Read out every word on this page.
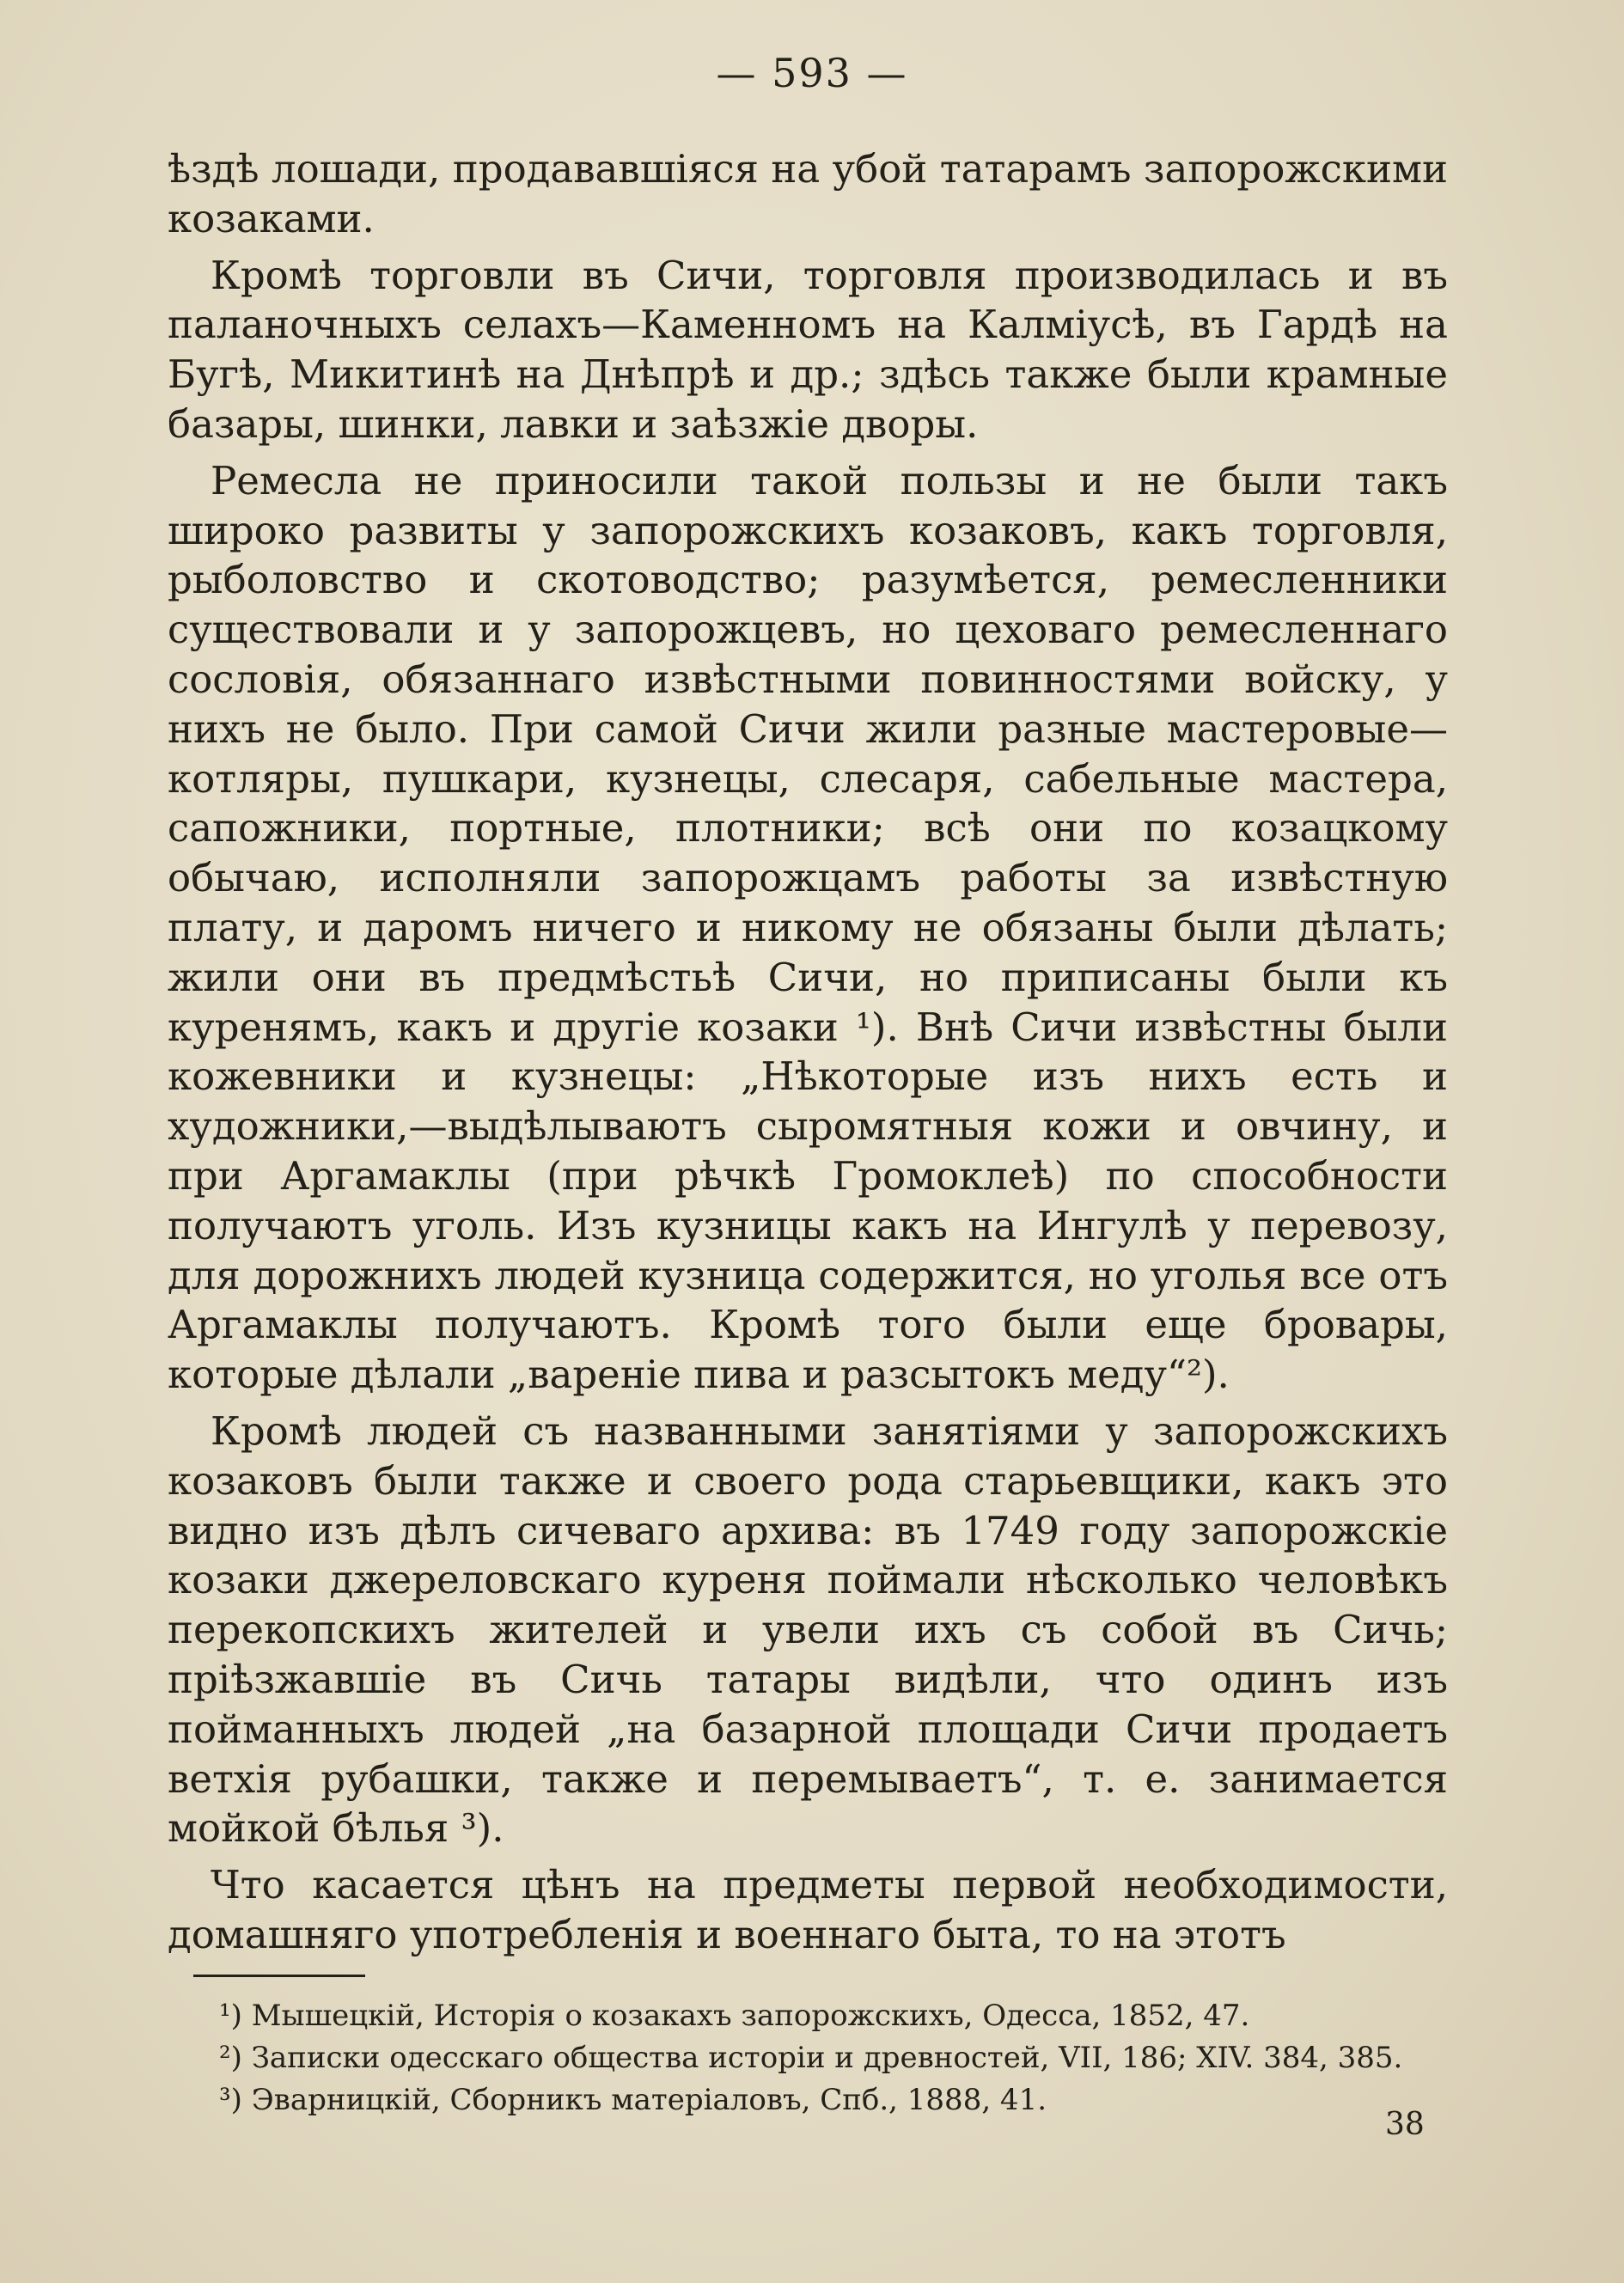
— 593 —

ѣздѣ лошади, продававшіяся на убой татарамъ запорожскими козаками.

Кромѣ торговли въ Сичи, торговля производилась и въ паланочныхъ селахъ—Каменномъ на Калміусѣ, въ Гардѣ на Бугѣ, Микитинѣ на Днѣпрѣ и др.; здѣсь также были крамные базары, шинки, лавки и заѣзжіе дворы.

Ремесла не приносили такой пользы и не были такъ широко развиты у запорожскихъ козаковъ, какъ торговля, рыболовство и скотоводство; разумѣется, ремесленники существовали и у запорожцевъ, но цеховаго ремесленнаго сословія, обязаннаго извѣстными повинностями войску, у нихъ не было. При самой Сичи жили разные мастеровые—котляры, пушкари, кузнецы, слесаря, сабельные мастера, сапожники, портные, плотники; всѣ они по козацкому обычаю, исполняли запорожцамъ работы за извѣстную плату, и даромъ ничего и никому не обязаны были дѣлать; жили они въ предмѣстьѣ Сичи, но приписаны были къ куренямъ, какъ и другіе козаки ¹). Внѣ Сичи извѣстны были кожевники и кузнецы: „Нѣкоторые изъ нихъ есть и художники,—выдѣлываютъ сыромятныя кожи и овчину, и при Аргамаклы (при рѣчкѣ Громоклеѣ) по способности получаютъ уголь. Изъ кузницы какъ на Ингулѣ у перевозу, для дорожнихъ людей кузница содержится, но уголья все отъ Аргамаклы получаютъ. Кромѣ того были еще бровары, которые дѣлали „вареніе пива и разсытокъ меду“²).

Кромѣ людей съ названными занятіями у запорожскихъ козаковъ были также и своего рода старьевщики, какъ это видно изъ дѣлъ сичеваго архива: въ 1749 году запорожскіе козаки джереловскаго куреня поймали нѣсколько человѣкъ перекопскихъ жителей и увели ихъ съ собой въ Сичь; пріѣзжавшіе въ Сичь татары видѣли, что одинъ изъ пойманныхъ людей „на базарной площади Сичи продаетъ ветхія рубашки, также и перемываетъ“, т. е. занимается мойкой бѣлья ³).

Что касается цѣнъ на предметы первой необходимости, домашняго употребленія и военнаго быта, то на этотъ

¹) Мышецкій, Исторія о козакахъ запорожскихъ, Одесса, 1852, 47.

²) Записки одесскаго общества исторіи и древностей, VII, 186; XIV. 384, 385.

³) Эварницкій, Сборникъ матеріаловъ, Спб., 1888, 41.

38
